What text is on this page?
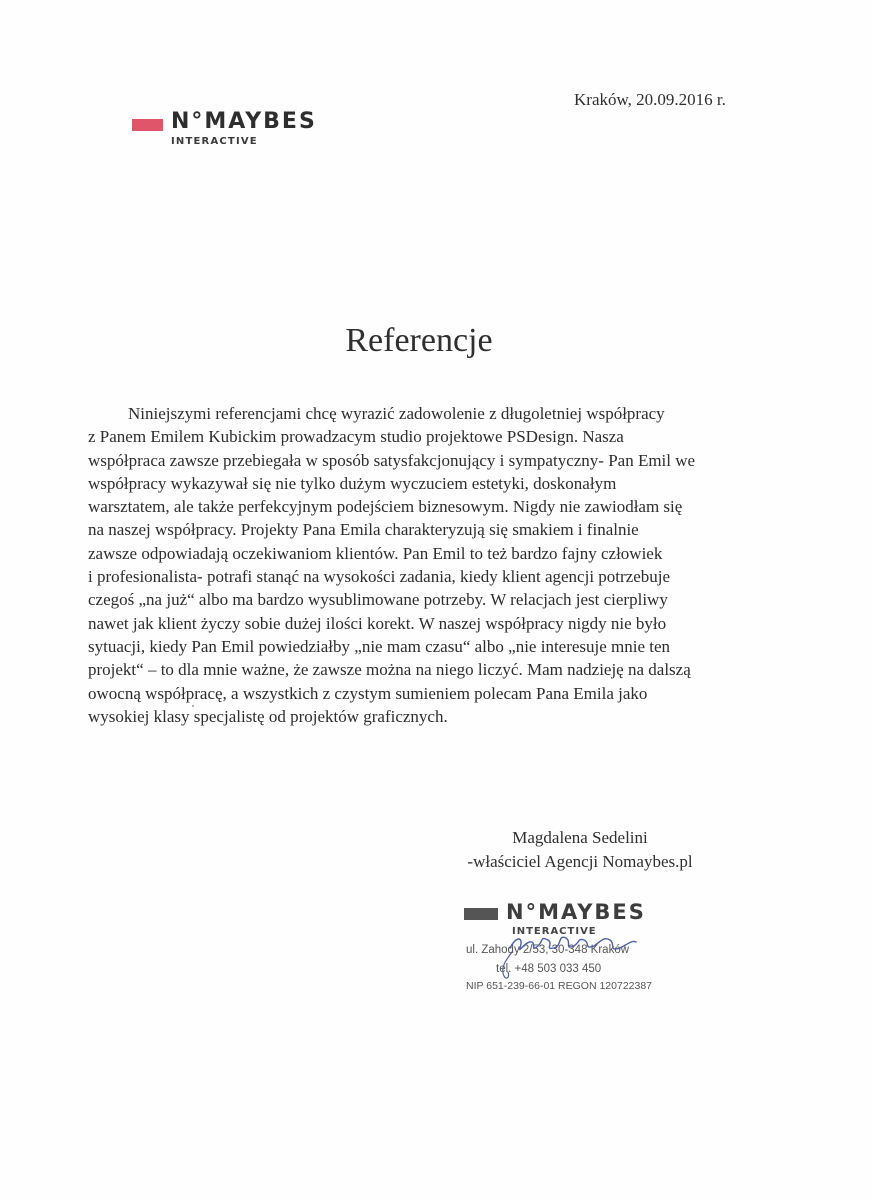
N°MAYBES
INTERACTIVE
Kraków, 20.09.2016 r.
Referencje
Niniejszymi referencjami chcę wyrazić zadowolenie z długoletniej współpracy
z Panem Emilem Kubickim prowadzacym studio projektowe PSDesign. Nasza
współpraca zawsze przebiegała w sposób satysfakcjonujący i sympatyczny- Pan Emil we
współpracy wykazywał się nie tylko dużym wyczuciem estetyki, doskonałym
warsztatem, ale także perfekcyjnym podejściem biznesowym. Nigdy nie zawiodłam się
na naszej współpracy. Projekty Pana Emila charakteryzują się smakiem i finalnie
zawsze odpowiadają oczekiwaniom klientów. Pan Emil to też bardzo fajny człowiek
i profesionalista- potrafi stanąć na wysokości zadania, kiedy klient agencji potrzebuje
czegoś „na już“ albo ma bardzo wysublimowane potrzeby. W relacjach jest cierpliwy
nawet jak klient życzy sobie dużej ilości korekt. W naszej współpracy nigdy nie było
sytuacji, kiedy Pan Emil powiedziałby „nie mam czasu“ albo „nie interesuje mnie ten
projekt“ – to dla mnie ważne, że zawsze można na niego liczyć. Mam nadzieję na dalszą
owocną współpracę, a wszystkich z czystym sumieniem polecam Pana Emila jako
wysokiej klasy specjalistę od projektów graficznych.
Magdalena Sedelini
-właściciel Agencji Nomaybes.pl
N°MAYBES
INTERACTIVE
ul. Zahody 2/53, 30-348 Kraków
tel. +48 503 033 450
NIP 651-239-66-01 REGON 120722387
